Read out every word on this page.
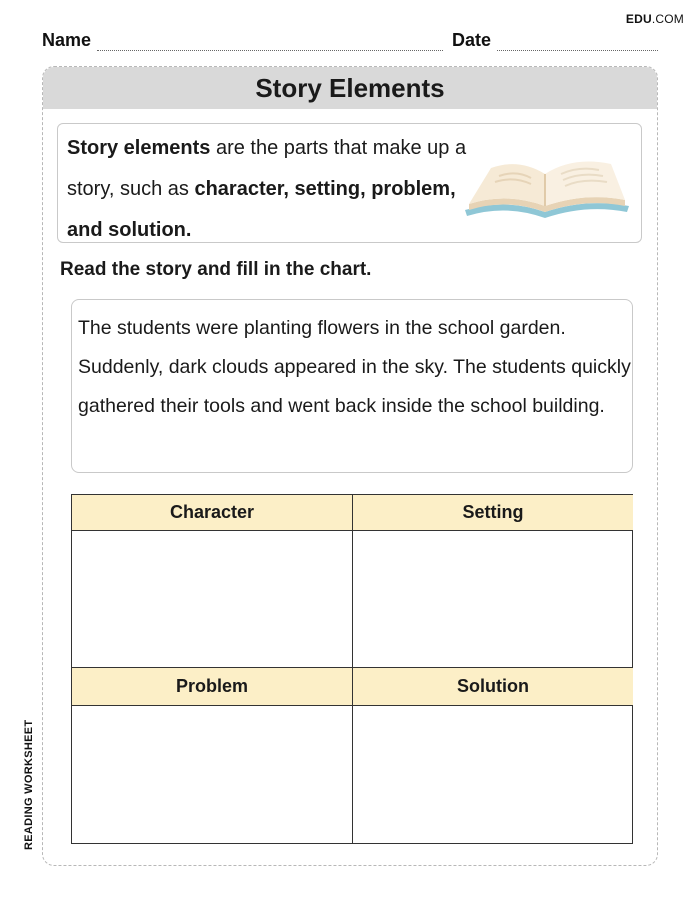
EDU.COM
Name	Date
Story Elements
Story elements are the parts that make up a story, such as character, setting, problem, and solution.
Read the story and fill in the chart.
The students were planting flowers in the school garden. Suddenly, dark clouds appeared in the sky. The students quickly gathered their tools and went back inside the school building.
Character	Setting
Problem	Solution
READING WORKSHEET
